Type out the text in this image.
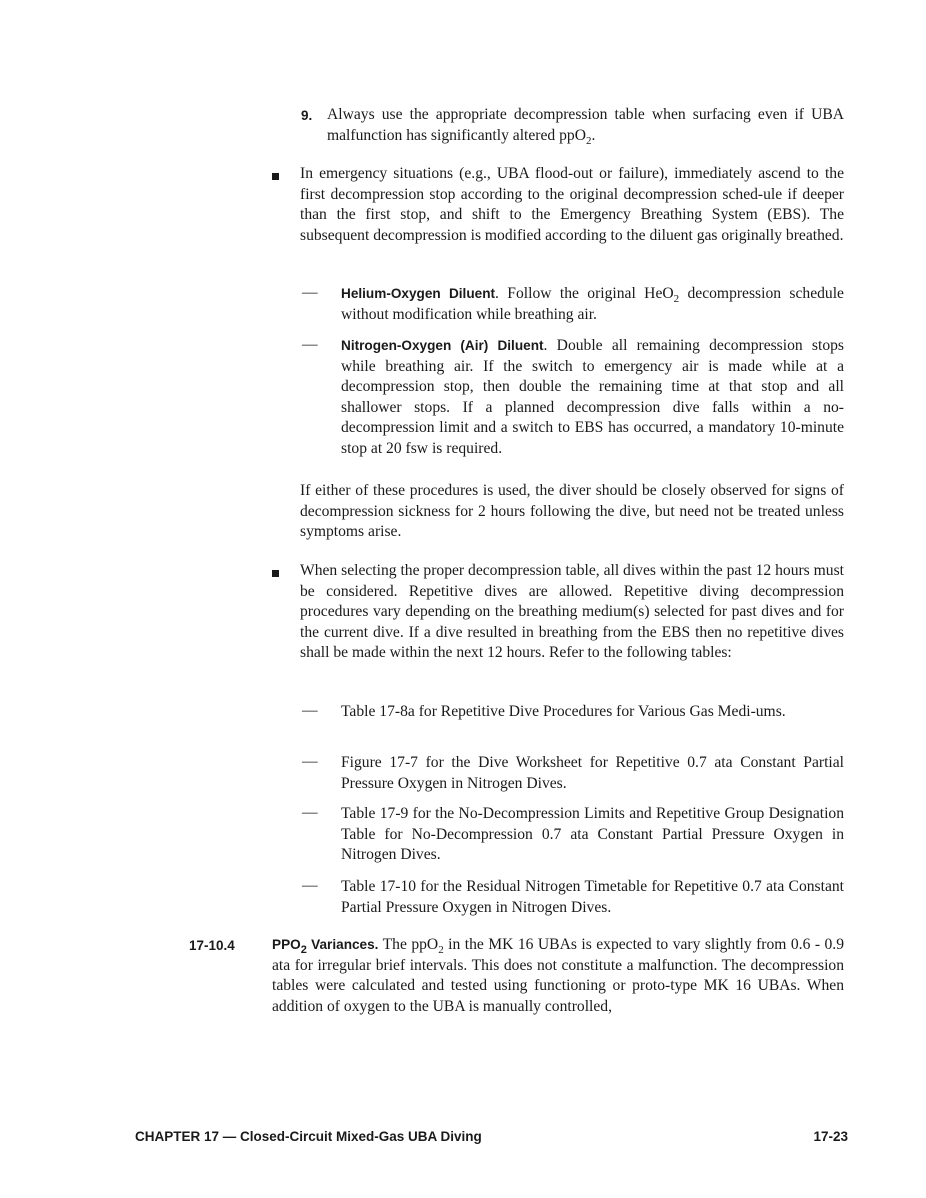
9. Always use the appropriate decompression table when surfacing even if UBA malfunction has significantly altered ppO$_2$.
In emergency situations (e.g., UBA flood-out or failure), immediately ascend to the first decompression stop according to the original decompression sched-ule if deeper than the first stop, and shift to the Emergency Breathing System (EBS). The subsequent decompression is modified according to the diluent gas originally breathed.
— Helium-Oxygen Diluent. Follow the original HeO$_2$ decompression schedule without modification while breathing air.
— Nitrogen-Oxygen (Air) Diluent. Double all remaining decompression stops while breathing air. If the switch to emergency air is made while at a decompression stop, then double the remaining time at that stop and all shallower stops. If a planned decompression dive falls within a no-decompression limit and a switch to EBS has occurred, a mandatory 10-minute stop at 20 fsw is required.
If either of these procedures is used, the diver should be closely observed for signs of decompression sickness for 2 hours following the dive, but need not be treated unless symptoms arise.
When selecting the proper decompression table, all dives within the past 12 hours must be considered. Repetitive dives are allowed. Repetitive diving decompression procedures vary depending on the breathing medium(s) selected for past dives and for the current dive. If a dive resulted in breathing from the EBS then no repetitive dives shall be made within the next 12 hours. Refer to the following tables:
— Table 17-8a for Repetitive Dive Procedures for Various Gas Medi-ums.
— Figure 17-7 for the Dive Worksheet for Repetitive 0.7 ata Constant Partial Pressure Oxygen in Nitrogen Dives.
— Table 17-9 for the No-Decompression Limits and Repetitive Group Designation Table for No-Decompression 0.7 ata Constant Partial Pressure Oxygen in Nitrogen Dives.
— Table 17-10 for the Residual Nitrogen Timetable for Repetitive 0.7 ata Constant Partial Pressure Oxygen in Nitrogen Dives.
17-10.4	$PPO_2$ Variances. The ppO$_2$ in the MK 16 UBAs is expected to vary slightly from 0.6 - 0.9 ata for irregular brief intervals. This does not constitute a malfunction. The decompression tables were calculated and tested using functioning or proto-type MK 16 UBAs. When addition of oxygen to the UBA is manually controlled,
CHAPTER 17 — Closed-Circuit Mixed-Gas UBA Diving	17-23
